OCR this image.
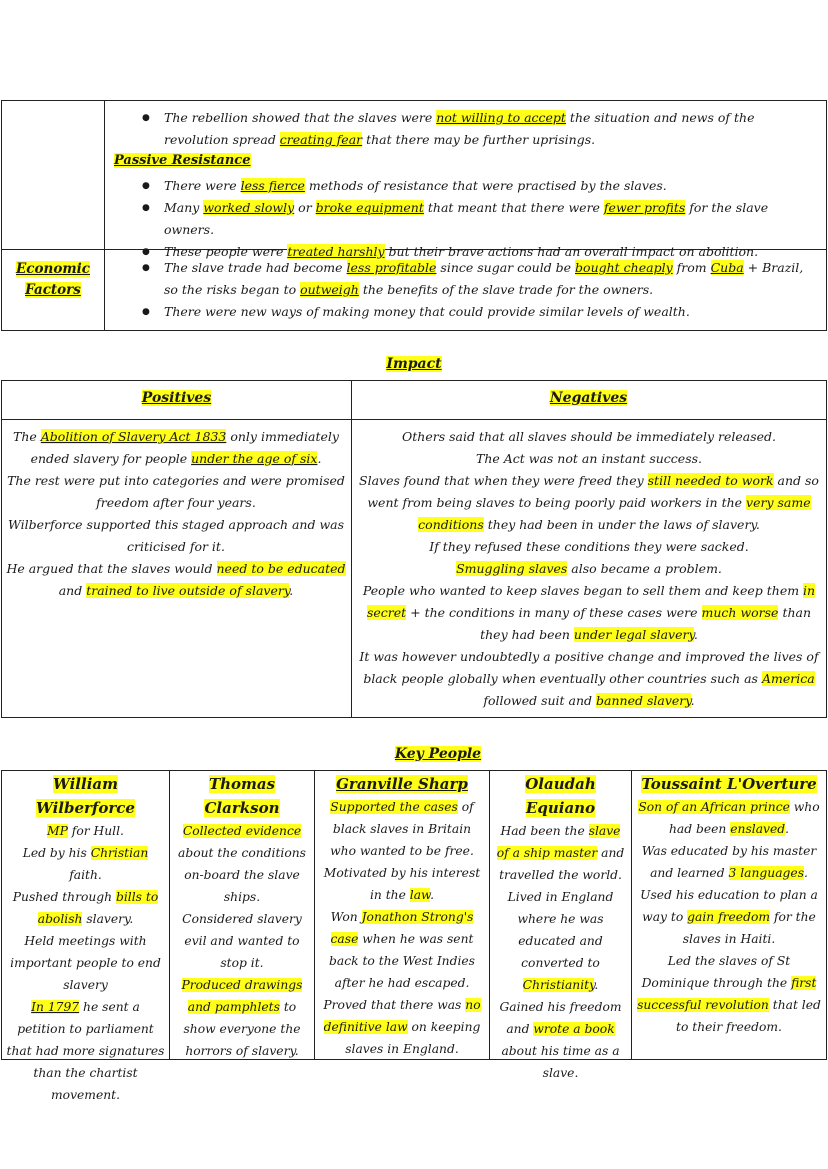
● The rebellion showed that the slaves were not willing to accept the situation and news of the revolution spread creating fear that there may be further uprisings.
Passive Resistance
● There were less fierce methods of resistance that were practised by the slaves.
● Many worked slowly or broke equipment that meant that there were fewer profits for the slave owners.
● These people were treated harshly but their brave actions had an overall impact on abolition.
Economic
Factors
● The slave trade had become less profitable since sugar could be bought cheaply from Cuba + Brazil, so the risks began to outweigh the benefits of the slave trade for the owners.
● There were new ways of making money that could provide similar levels of wealth.
Impact
Positives	Negatives
The Abolition of Slavery Act 1833 only immediately ended slavery for people under the age of six.
The rest were put into categories and were promised freedom after four years.
Wilberforce supported this staged approach and was criticised for it.
He argued that the slaves would need to be educated and trained to live outside of slavery.
Others said that all slaves should be immediately released.
The Act was not an instant success.
Slaves found that when they were freed they still needed to work and so went from being slaves to being poorly paid workers in the very same conditions they had been in under the laws of slavery.
If they refused these conditions they were sacked.
Smuggling slaves also became a problem.
People who wanted to keep slaves began to sell them and keep them in secret + the conditions in many of these cases were much worse than they had been under legal slavery.
It was however undoubtedly a positive change and improved the lives of black people globally when eventually other countries such as America followed suit and banned slavery.
Key People
William Wilberforce
MP for Hull.
Led by his Christian faith.
Pushed through bills to abolish slavery.
Held meetings with important people to end slavery
In 1797 he sent a petition to parliament that had more signatures than the chartist movement.
Thomas Clarkson
Collected evidence about the conditions on-board the slave ships.
Considered slavery evil and wanted to stop it.
Produced drawings and pamphlets to show everyone the horrors of slavery.
Granville Sharp
Supported the cases of black slaves in Britain who wanted to be free.
Motivated by his interest in the law.
Won Jonathon Strong's case when he was sent back to the West Indies after he had escaped.
Proved that there was no definitive law on keeping slaves in England.
Olaudah Equiano
Had been the slave of a ship master and travelled the world.
Lived in England where he was educated and converted to Christianity.
Gained his freedom and wrote a book about his time as a slave.
Toussaint L'Overture
Son of an African prince who had been enslaved.
Was educated by his master and learned 3 languages.
Used his education to plan a way to gain freedom for the slaves in Haiti.
Led the slaves of St Dominique through the first successful revolution that led to their freedom.
